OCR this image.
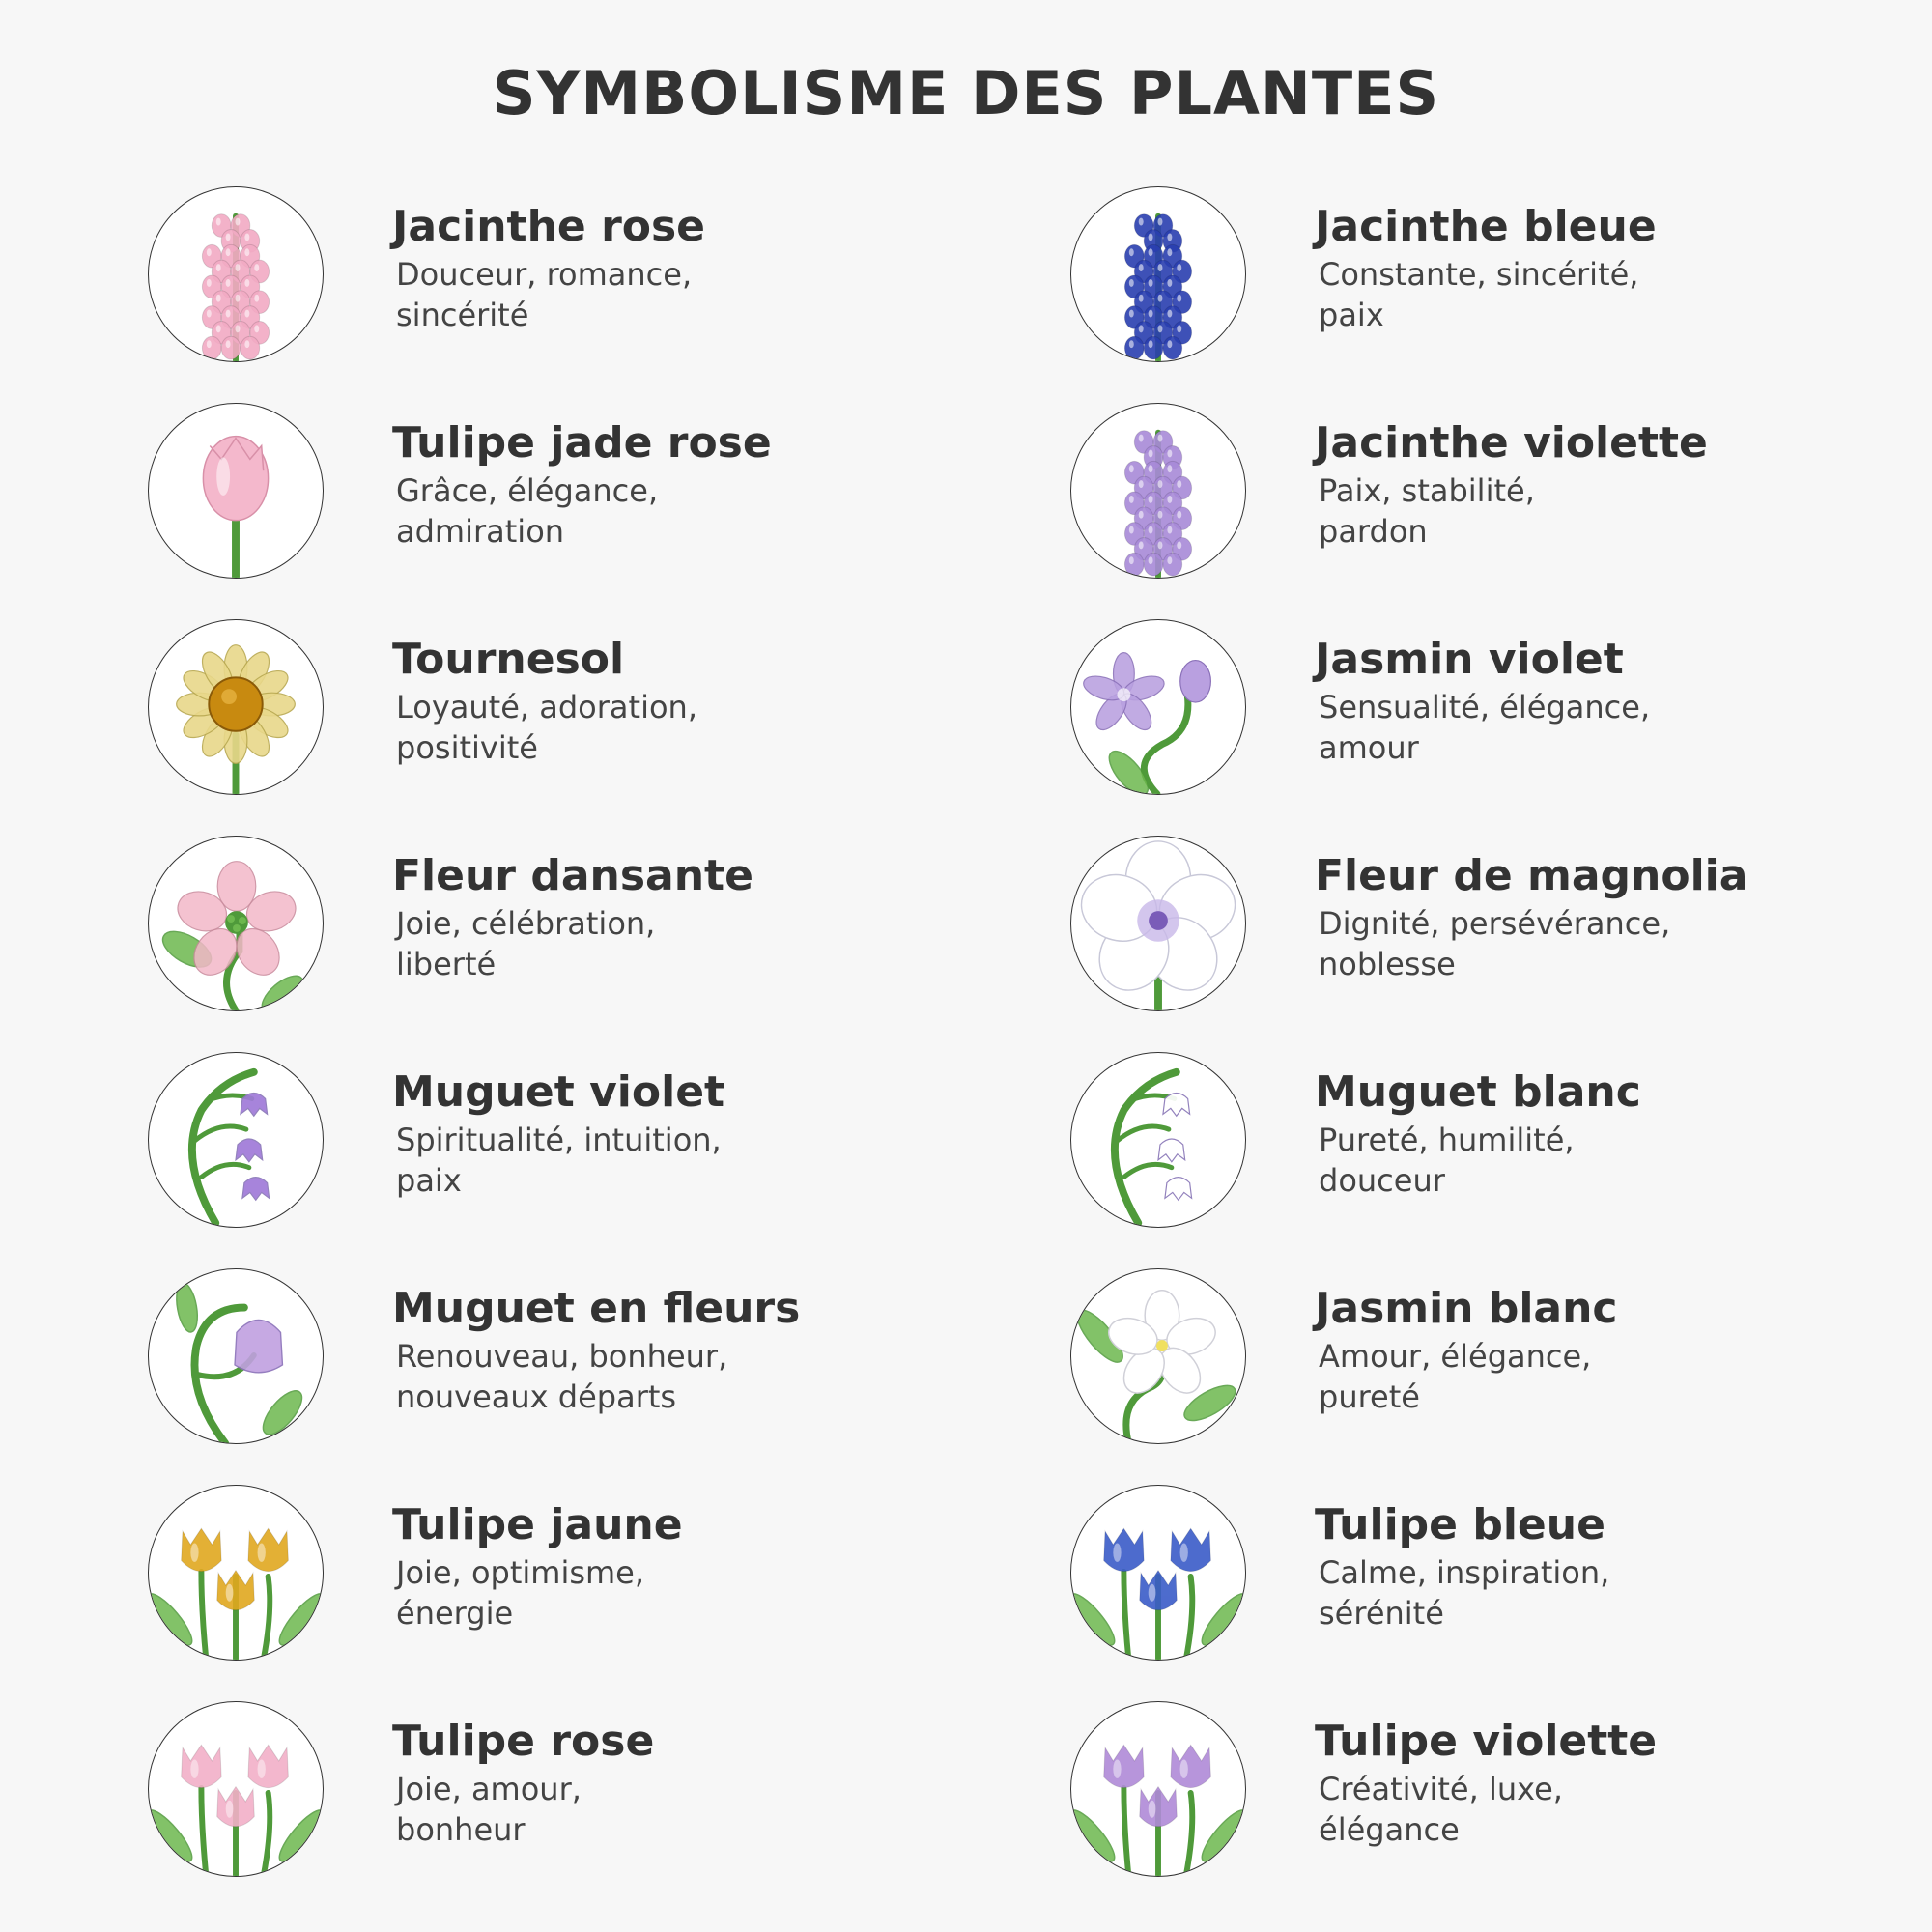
SYMBOLISME DES PLANTES
Jacinthe rose
Douceur, romance,
sincérité
Jacinthe bleue
Constante, sincérité,
paix
Tulipe jade rose
Grâce, élégance,
admiration
Jacinthe violette
Paix, stabilité,
pardon
Tournesol
Loyauté, adoration,
positivité
Jasmin violet
Sensualité, élégance,
amour
Fleur dansante
Joie, célébration,
liberté
Fleur de magnolia
Dignité, persévérance,
noblesse
Muguet violet
Spiritualité, intuition,
paix
Muguet blanc
Pureté, humilité,
douceur
Muguet en fleurs
Renouveau, bonheur,
nouveaux départs
Jasmin blanc
Amour, élégance,
pureté
Tulipe jaune
Joie, optimisme,
énergie
Tulipe bleue
Calme, inspiration,
sérénité
Tulipe rose
Joie, amour,
bonheur
Tulipe violette
Créativité, luxe,
élégance
